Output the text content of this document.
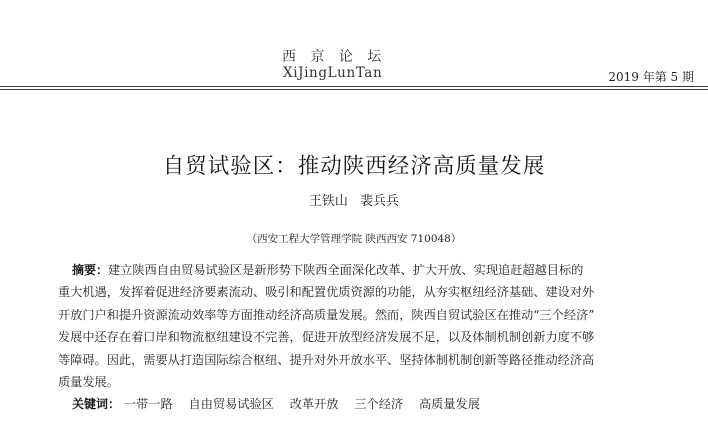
西 京 论 坛
XiJingLunTan	2019 年第 5 期
自贸试验区：推动陕西经济高质量发展
王铁山 裴兵兵
（西安工程大学管理学院 陕西西安 710048）
摘要：建立陕西自由贸易试验区是新形势下陕西全面深化改革、扩大开放、实现追赶超越目标的
重大机遇，发挥着促进经济要素流动、吸引和配置优质资源的功能，从夯实枢纽经济基础、建设对外
开放门户和提升资源流动效率等方面推动经济高质量发展。然而，陕西自贸试验区在推动“三个经济”
发展中还存在着口岸和物流枢纽建设不完善，促进开放型经济发展不足，以及体制机制创新力度不够
等障碍。因此，需要从打造国际综合枢纽、提升对外开放水平、坚持体制机制创新等路径推动经济高
质量发展。
关键词： 一带一路 自由贸易试验区 改革开放 三个经济 高质量发展
